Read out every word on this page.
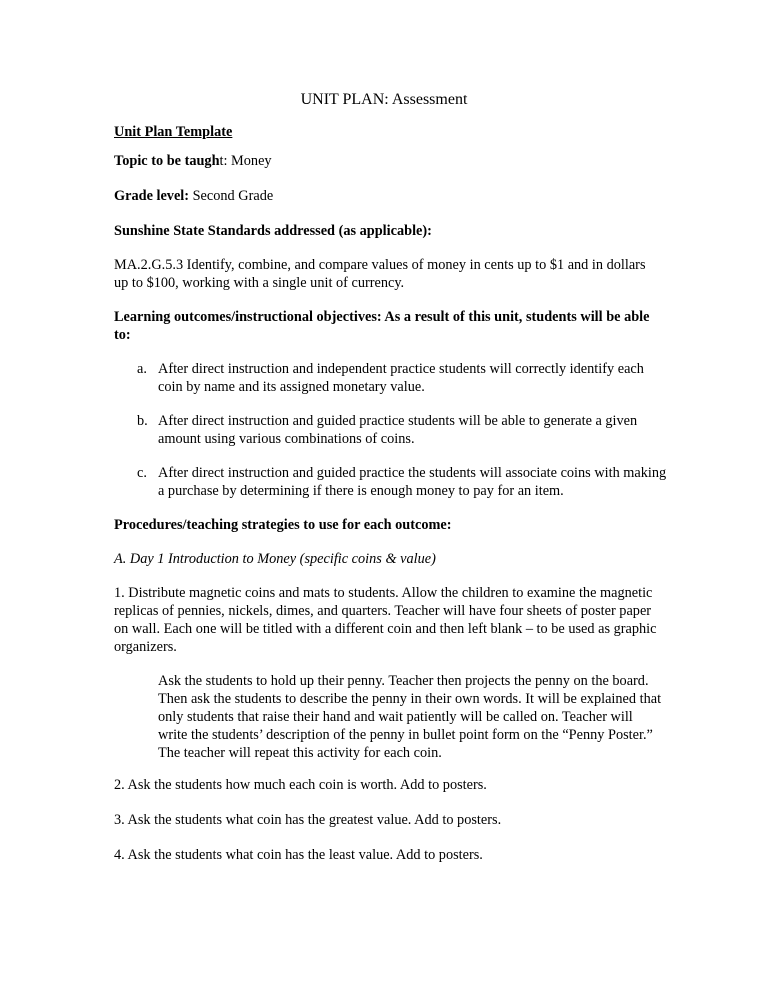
UNIT PLAN: Assessment

Unit Plan Template

Topic to be taught: Money

Grade level: Second Grade

Sunshine State Standards addressed (as applicable):

MA.2.G.5.3 Identify, combine, and compare values of money in cents up to $1 and in dollars up to $100, working with a single unit of currency.

Learning outcomes/instructional objectives: As a result of this unit, students will be able to:

a. After direct instruction and independent practice students will correctly identify each coin by name and its assigned monetary value.
b. After direct instruction and guided practice students will be able to generate a given amount using various combinations of coins.
c. After direct instruction and guided practice the students will associate coins with making a purchase by determining if there is enough money to pay for an item.

Procedures/teaching strategies to use for each outcome:

A. Day 1 Introduction to Money (specific coins & value)

1. Distribute magnetic coins and mats to students. Allow the children to examine the magnetic replicas of pennies, nickels, dimes, and quarters. Teacher will have four sheets of poster paper on wall. Each one will be titled with a different coin and then left blank – to be used as graphic organizers.

Ask the students to hold up their penny. Teacher then projects the penny on the board. Then ask the students to describe the penny in their own words. It will be explained that only students that raise their hand and wait patiently will be called on. Teacher will write the students’ description of the penny in bullet point form on the “Penny Poster.” The teacher will repeat this activity for each coin.

2. Ask the students how much each coin is worth. Add to posters.

3. Ask the students what coin has the greatest value. Add to posters.

4. Ask the students what coin has the least value. Add to posters.
